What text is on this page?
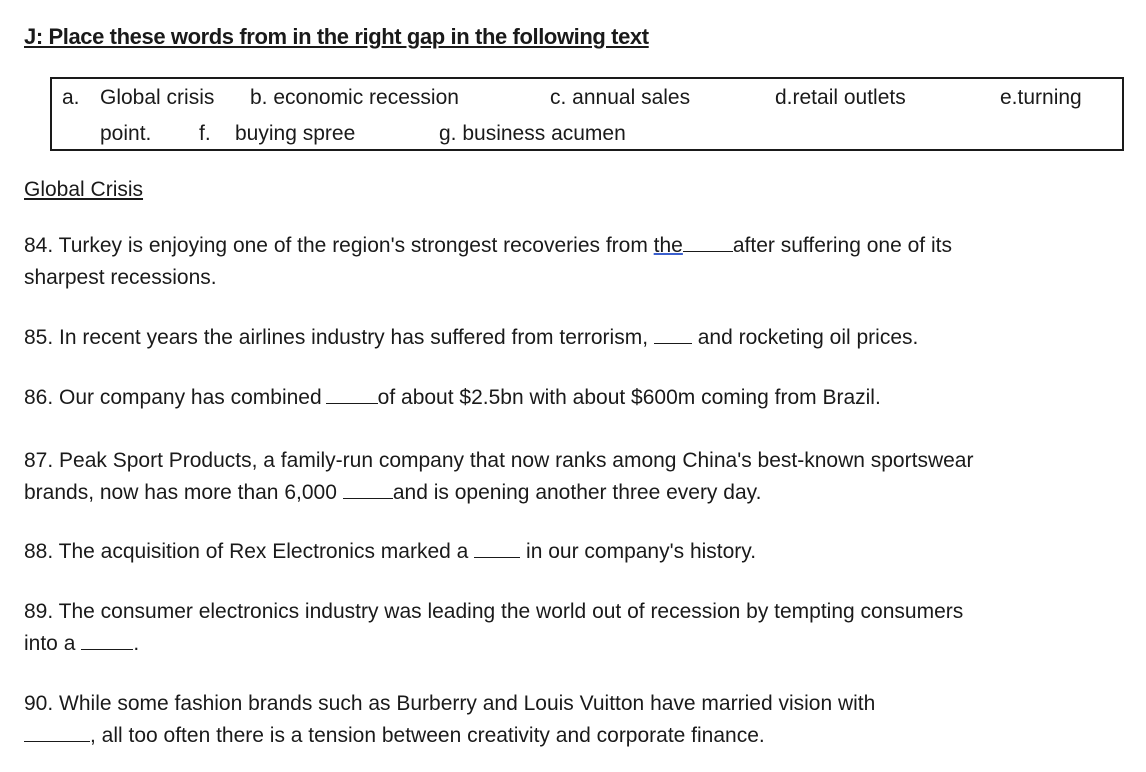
J: Place these words from in the right gap in the following text
a. Global crisis b. economic recession	c. annual sales	d.retail outlets	e.turning
point. f. buying spree	g. business acumen
Global Crisis
84. Turkey is enjoying one of the region's strongest recoveries from the after suffering one of its
sharpest recessions.
85. In recent years the airlines industry has suffered from terrorism, and rocketing oil prices.
86. Our company has combined	of about $2.5bn with about $600m coming from Brazil.
87. Peak Sport Products, a family-run company that now ranks among China's best-known sportswear
brands, now has more than 6,000	and is opening another three every day.
88. The acquisition of Rex Electronics marked a	in our company's history.
89. The consumer electronics industry was leading the world out of recession by tempting consumers
into a	.
90. While some fashion brands such as Burberry and Louis Vuitton have married vision with
, all too often there is a tension between creativity and corporate finance.
